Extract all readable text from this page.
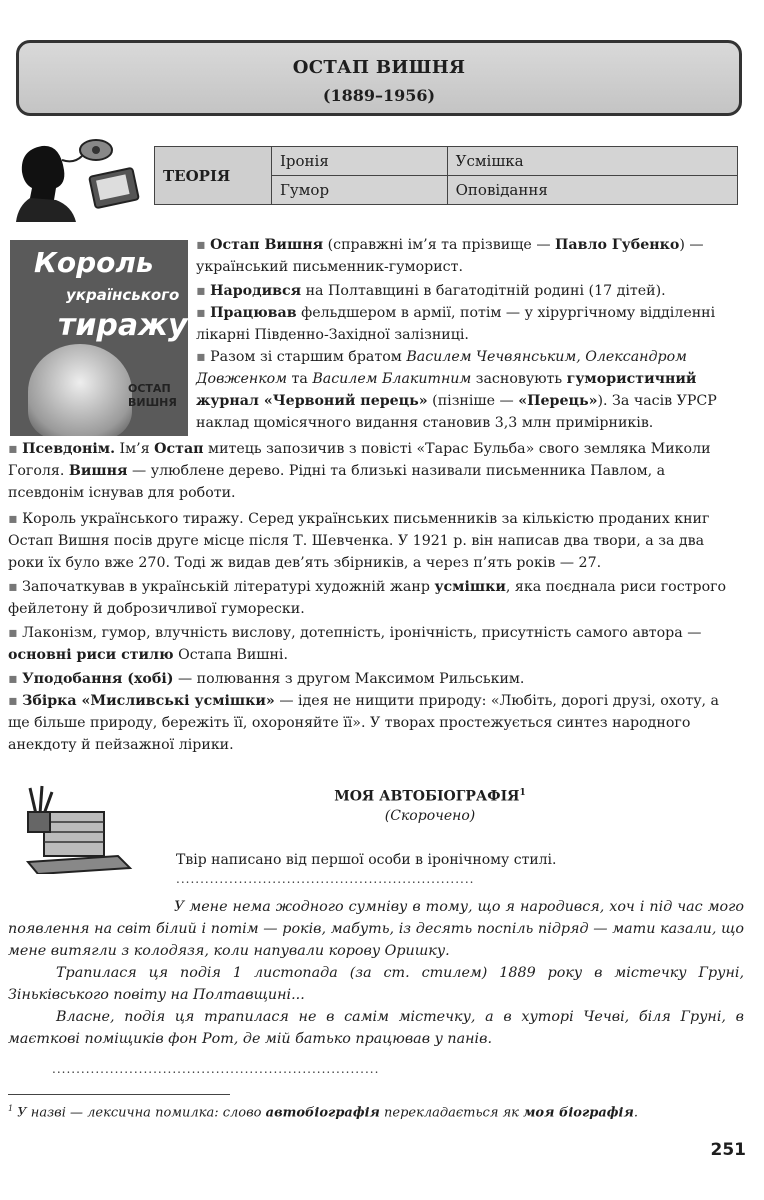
ОСТАП ВИШНЯ
(1889–1956)
ТЕОРІЯ	Іронія	Усмішка
	Гумор	Оповідання
Король
українського
тиражу
ОСТАП ВИШНЯ
▪ Остап Вишня (справжні ім’я та прізвище — Павло Губенко) — український письменник-гуморист.
▪ Народився на Полтавщині в багатодітній родині (17 дітей).
▪ Працював фельдшером в армії, потім — у хірургічному відділенні лікарні Південно-Західної залізниці.
▪ Разом зі старшим братом Василем Чечвянським, Олександром Довженком та Василем Блакитним засновують гумористичний журнал «Червоний перець» (пізніше — «Перець»). За часів УРСР наклад щомісячного видання становив 3,3 млн примірників.
▪ Псевдонім. Ім’я Остап митець запозичив з повісті «Тарас Бульба» свого земляка Миколи Гоголя. Вишня — улюблене дерево. Рідні та близькі називали письменника Павлом, а псевдонім існував для роботи.
▪ Король українського тиражу. Серед українських письменників за кількістю проданих книг Остап Вишня посів друге місце після Т. Шевченка. У 1921 р. він написав два твори, а за два роки їх було вже 270. Тоді ж видав дев’ять збірників, а через п’ять років — 27.
▪ Започаткував в українській літературі художній жанр усмішки, яка поєднала риси гострого фейлетону й доброзичливої гуморески.
▪ Лаконізм, гумор, влучність вислову, дотепність, іронічність, присутність самого автора — основні риси стилю Остапа Вишні.
▪ Уподобання (хобі) — полювання з другом Максимом Рильським.
▪ Збірка «Мисливські усмішки» — ідея не нищити природу: «Любіть, дорогі друзі, охоту, а ще більше природу, бережіть її, охороняйте її». У творах простежується синтез народного анекдоту й пейзажної лірики.
МОЯ АВТОБІОГРАФІЯ$^1$
(Скорочено)
Твір написано від першої особи в іронічному стилі.
..............................................................

У мене нема жодного сумніву в тому, що я народився, хоч і під час мого появлення на світ білий і потім — років, мабуть, із десять поспіль підряд — мати казали, що мене витягли з колодязя, коли напували корову Оришку.

Трапилася ця подія 1 листопада (за ст. стилем) 1889 року в містечку Груні, Зіньківського повіту на Полтавщині...

Власне, подія ця трапилася не в самім містечку, а в хуторі Чечві, біля Груні, в маєткові поміщиків фон Рот, де мій батько працював у панів.

....................................................................
$^1$ У назві — лексична помилка: слово автобіографія перекладається як моя біографія.
251
